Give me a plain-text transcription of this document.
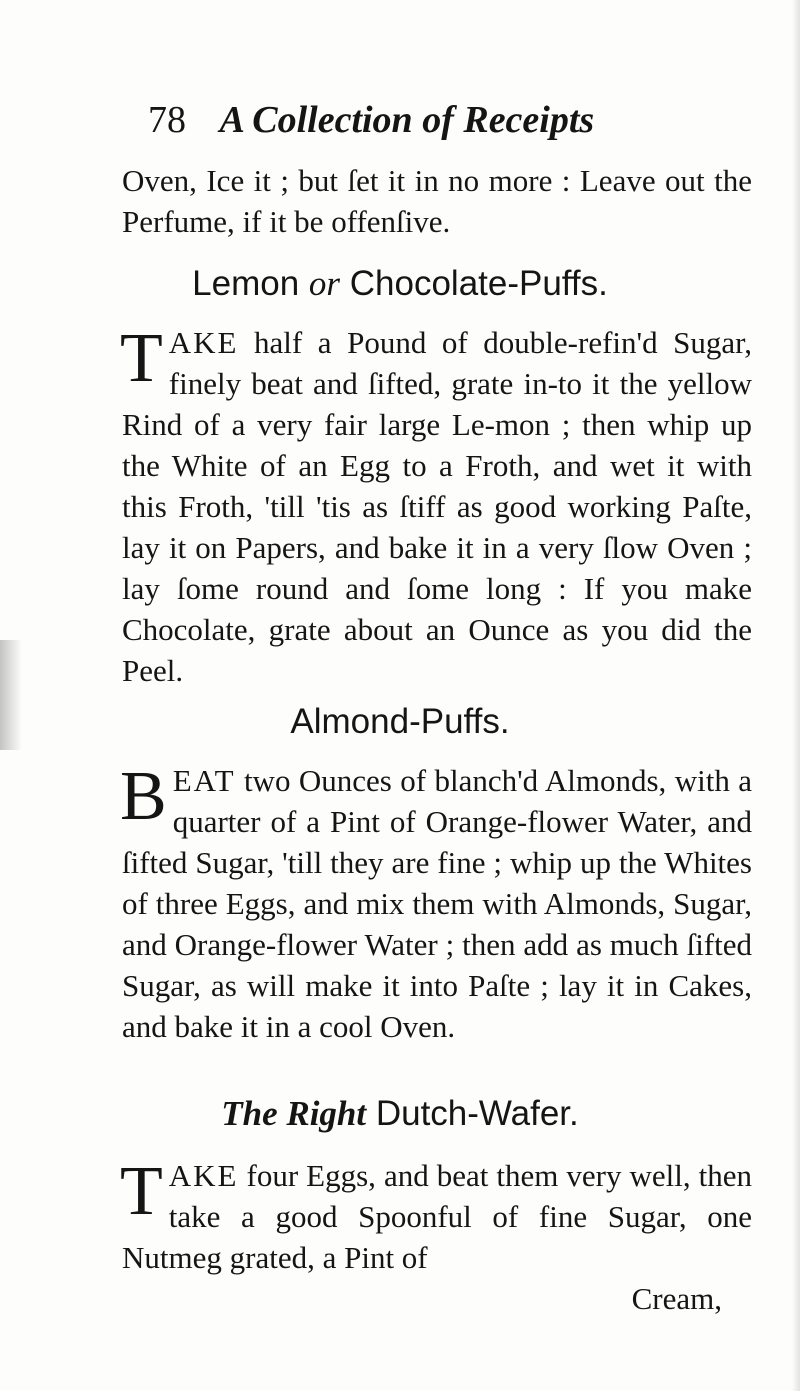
78 A Collection of Receipts

Oven, Ice it ; but ſet it in no more : Leave out the Perfume, if it be offenſive.

Lemon or Chocolate-Puffs.

TAKE half a Pound of double-refin'd Sugar, finely beat and ſifted, grate in-to it the yellow Rind of a very fair large Le-mon ; then whip up the White of an Egg to a Froth, and wet it with this Froth, 'till 'tis as ſtiff as good working Paſte, lay it on Papers, and bake it in a very ſlow Oven ; lay ſome round and ſome long : If you make Chocolate, grate about an Ounce as you did the Peel.

Almond-Puffs.

BEAT two Ounces of blanch'd Almonds, with a quarter of a Pint of Orange-flower Water, and ſifted Sugar, 'till they are fine ; whip up the Whites of three Eggs, and mix them with Almonds, Sugar, and Orange-flower Water ; then add as much ſifted Sugar, as will make it into Paſte ; lay it in Cakes, and bake it in a cool Oven.

The Right Dutch-Wafer.

TAKE four Eggs, and beat them very well, then take a good Spoonful of fine Sugar, one Nutmeg grated, a Pint of

Cream,
